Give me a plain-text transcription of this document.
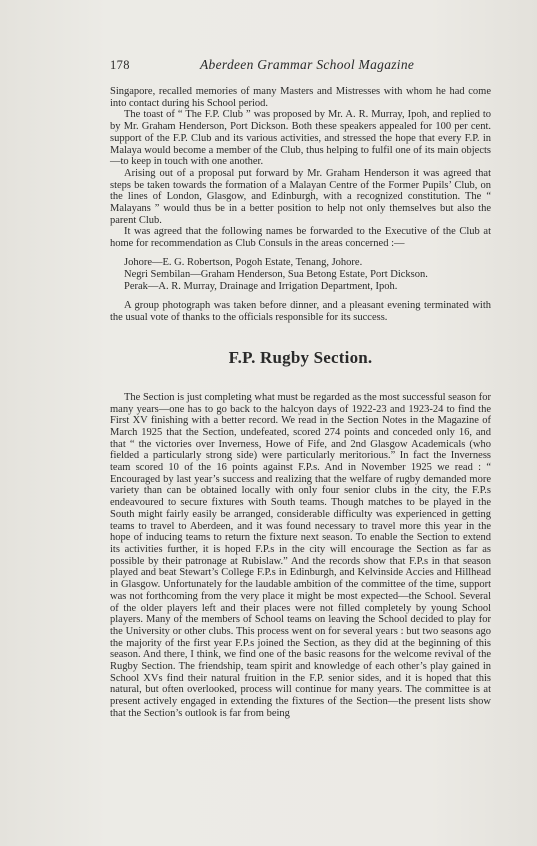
178	Aberdeen Grammar School Magazine

Singapore, recalled memories of many Masters and Mistresses with whom he had come into contact during his School period.

The toast of “ The F.P. Club ” was proposed by Mr. A. R. Murray, Ipoh, and replied to by Mr. Graham Henderson, Port Dickson. Both these speakers appealed for 100 per cent. support of the F.P. Club and its various activities, and stressed the hope that every F.P. in Malaya would become a member of the Club, thus helping to fulfil one of its main objects—to keep in touch with one another.

Arising out of a proposal put forward by Mr. Graham Henderson it was agreed that steps be taken towards the formation of a Malayan Centre of the Former Pupils’ Club, on the lines of London, Glasgow, and Edinburgh, with a recognized constitution. The “ Malayans ” would thus be in a better position to help not only themselves but also the parent Club.

It was agreed that the following names be forwarded to the Executive of the Club at home for recommendation as Club Consuls in the areas concerned :—

Johore—E. G. Robertson, Pogoh Estate, Tenang, Johore.
Negri Sembilan—Graham Henderson, Sua Betong Estate, Port Dickson.
Perak—A. R. Murray, Drainage and Irrigation Department, Ipoh.

A group photograph was taken before dinner, and a pleasant evening terminated with the usual vote of thanks to the officials responsible for its success.

F.P. Rugby Section.

The Section is just completing what must be regarded as the most successful season for many years—one has to go back to the halcyon days of 1922-23 and 1923-24 to find the First XV finishing with a better record. We read in the Section Notes in the Magazine of March 1925 that the Section, undefeated, scored 274 points and conceded only 16, and that “ the victories over Inverness, Howe of Fife, and 2nd Glasgow Academicals (who fielded a particularly strong side) were particularly meritorious.” In fact the Inverness team scored 10 of the 16 points against F.P.s. And in November 1925 we read : “ Encouraged by last year’s success and realizing that the welfare of rugby demanded more variety than can be obtained locally with only four senior clubs in the city, the F.P.s endeavoured to secure fixtures with South teams. Though matches to be played in the South might fairly easily be arranged, considerable difficulty was experienced in getting teams to travel to Aberdeen, and it was found necessary to travel more this year in the hope of inducing teams to return the fixture next season. To enable the Section to extend its activities further, it is hoped F.P.s in the city will encourage the Section as far as possible by their patronage at Rubislaw.” And the records show that F.P.s in that season played and beat Stewart’s College F.P.s in Edinburgh, and Kelvinside Accies and Hillhead in Glasgow. Unfortunately for the laudable ambition of the committee of the time, support was not forthcoming from the very place it might be most expected—the School. Several of the older players left and their places were not filled completely by young School players. Many of the members of School teams on leaving the School decided to play for the University or other clubs. This process went on for several years : but two seasons ago the majority of the first year F.P.s joined the Section, as they did at the beginning of this season. And there, I think, we find one of the basic reasons for the welcome revival of the Rugby Section. The friendship, team spirit and knowledge of each other’s play gained in School XVs find their natural fruition in the F.P. senior sides, and it is hoped that this natural, but often overlooked, process will continue for many years. The committee is at present actively engaged in extending the fixtures of the Section—the present lists show that the Section’s outlook is far from being
